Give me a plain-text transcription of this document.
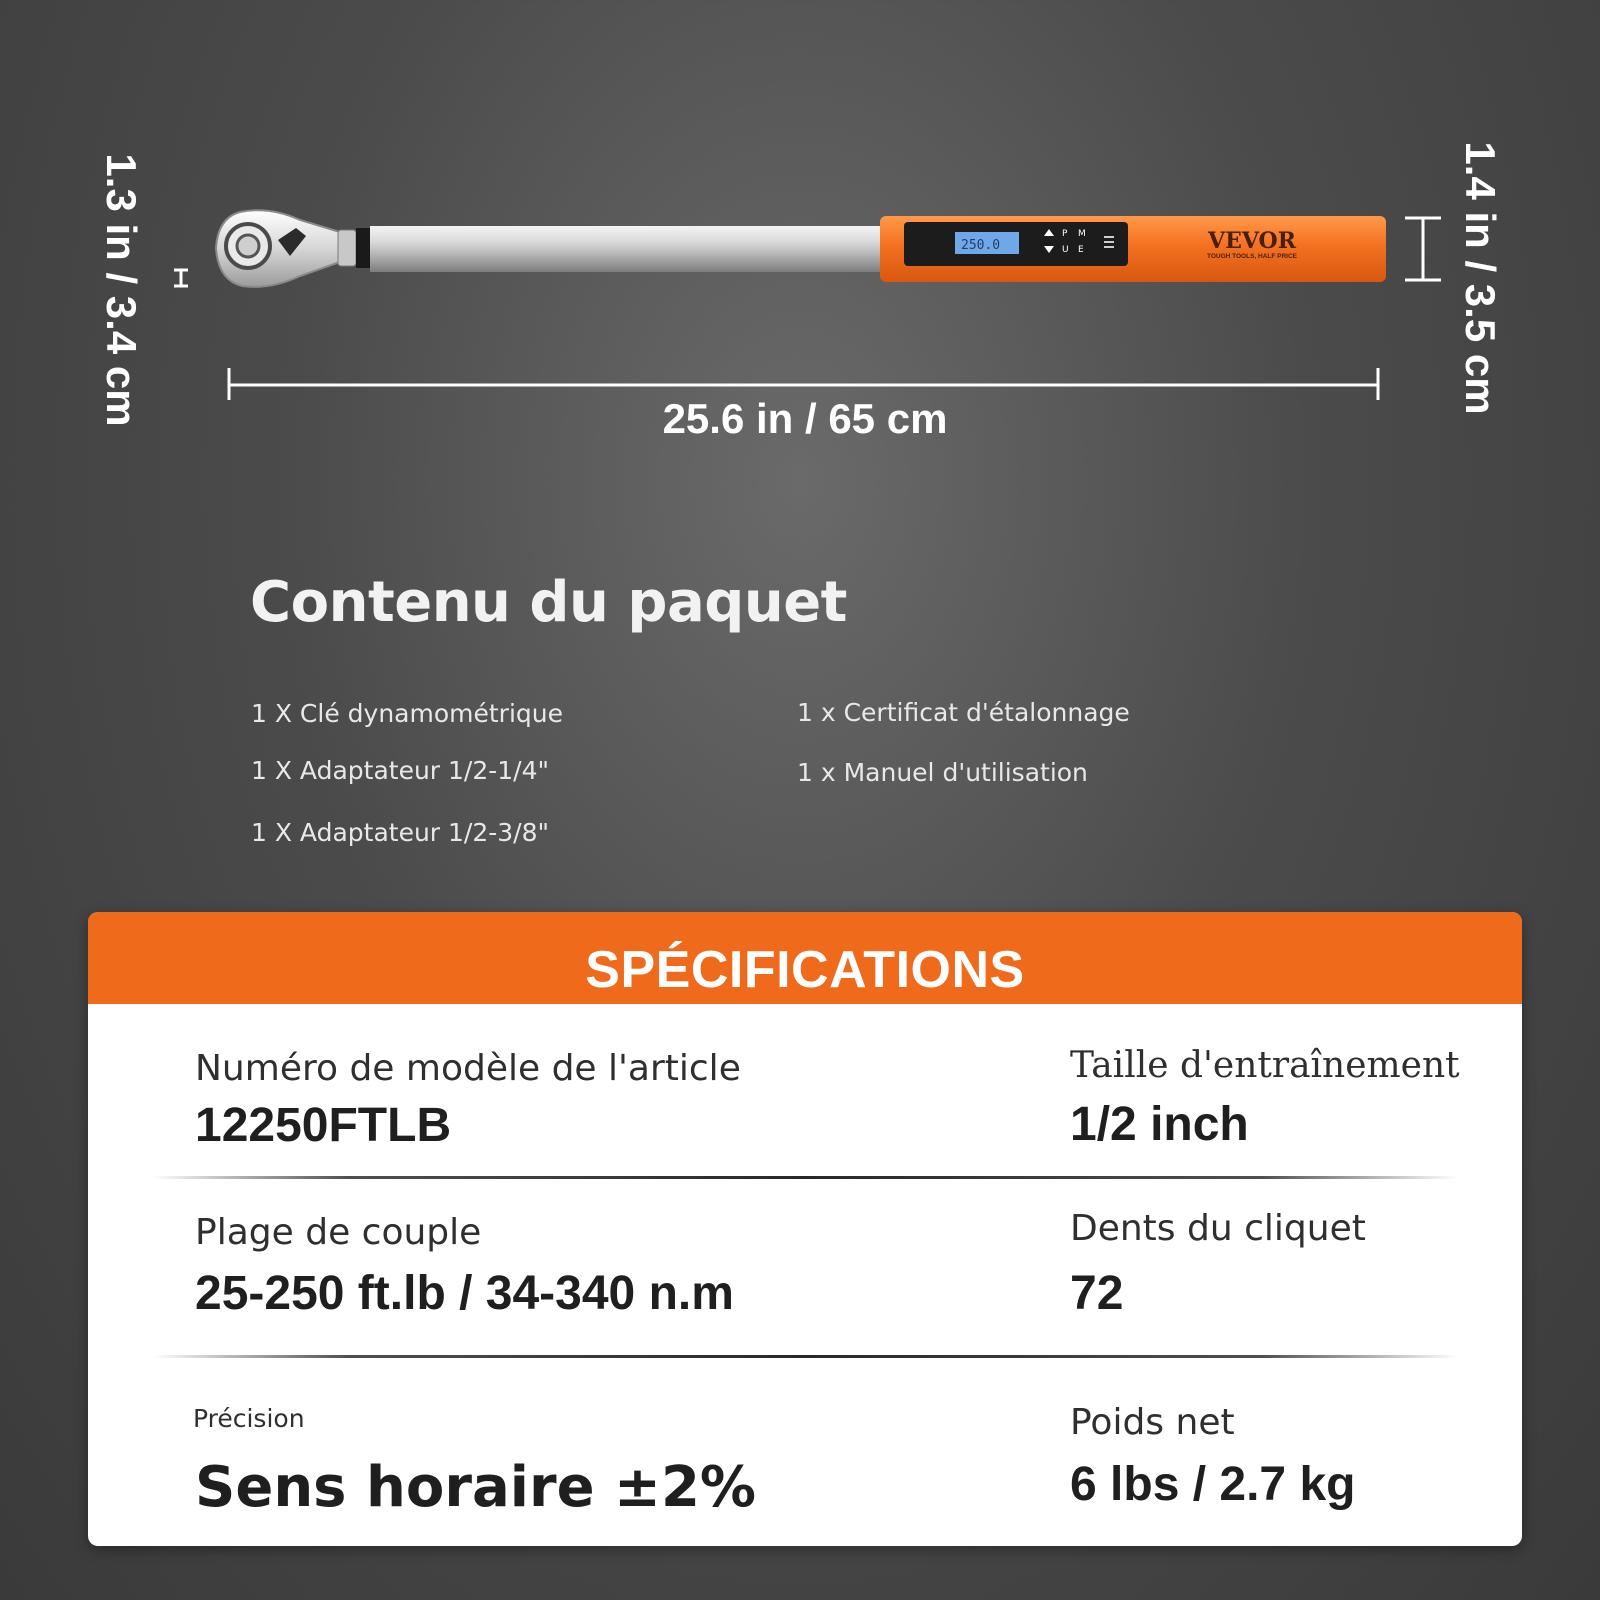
250.0
P M
U E	VEVOR
TOUGH TOOLS, HALF PRICE
1.3 in / 3.4 cm	1.4 in / 3.5 cm
25.6 in / 65 cm
Contenu du paquet
1 X Clé dynamométrique
1 X Adaptateur 1/2-1/4"
1 X Adaptateur 1/2-3/8"
1 x Certificat d'étalonnage
1 x Manuel d'utilisation
SPÉCIFICATIONS
Numéro de modèle de l'article
12250FTLB
Taille d'entraînement
1/2 inch
Plage de couple
25-250 ft.lb / 34-340 n.m
Dents du cliquet
72
Précision
Sens horaire ±2%
Poids net
6 lbs / 2.7 kg
